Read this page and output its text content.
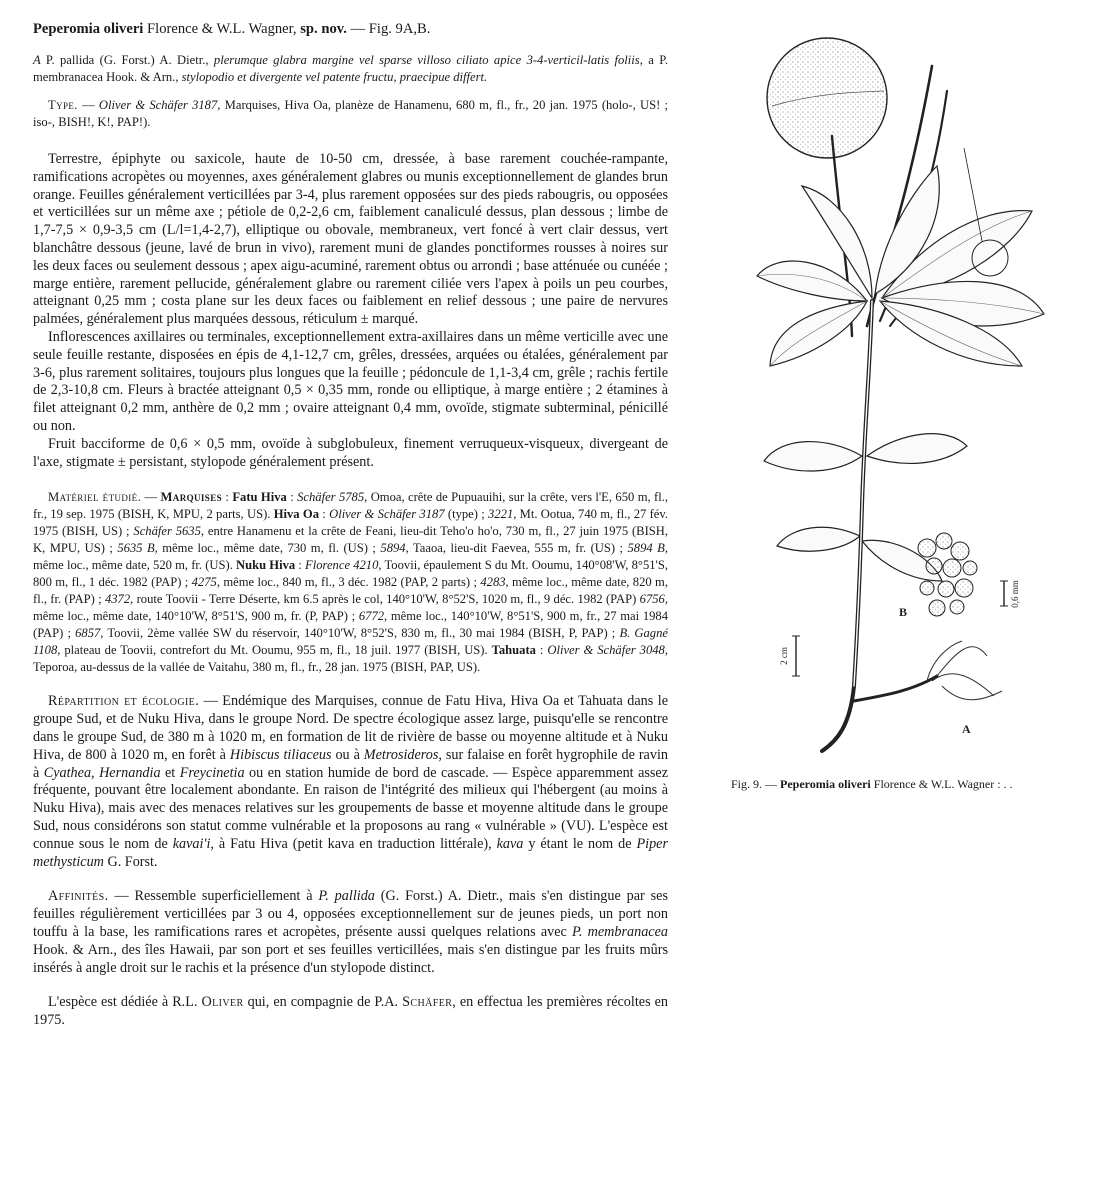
Peperomia oliveri Florence & W.L. Wagner, sp. nov. — Fig. 9A,B.

A P. pallida (G. Forst.) A. Dietr., plerumque glabra margine vel sparse villoso ciliato apice 3-4-verticil-latis foliis, a P. membranacea Hook. & Arn., stylopodio et divergente vel patente fructu, praecipue differt.

Type. — Oliver & Schäfer 3187, Marquises, Hiva Oa, planèze de Hanamenu, 680 m, fl., fr., 20 jan. 1975 (holo-, US! ; iso-, BISH!, K!, PAP!).

Terrestre, épiphyte ou saxicole, haute de 10-50 cm, dressée, à base rarement couchée-rampante, ramifications acropètes ou moyennes, axes généralement glabres ou munis exceptionnellement de glandes brun orange. Feuilles généralement verticillées par 3-4, plus rarement opposées sur des pieds rabougris, ou opposées et verticillées sur un même axe ; pétiole de 0,2-2,6 cm, faiblement canaliculé dessus, plan dessous ; limbe de 1,7-7,5 × 0,9-3,5 cm (L/l=1,4-2,7), elliptique ou obovale, membraneux, vert foncé à vert clair dessus, vert blanchâtre dessous (jeune, lavé de brun in vivo), rarement muni de glandes ponctiformes rousses à noires sur les deux faces ou seulement dessous ; apex aigu-acuminé, rarement obtus ou arrondi ; base atténuée ou cunéée ; marge entière, rarement pellucide, généralement glabre ou rarement ciliée vers l'apex à poils un peu courbes, atteignant 0,25 mm ; costa plane sur les deux faces ou faiblement en relief dessous ; une paire de nervures palmées, généralement plus marquées dessous, réticulum ± marqué.

Inflorescences axillaires ou terminales, exceptionnellement extra-axillaires dans un même verticille avec une seule feuille restante, disposées en épis de 4,1-12,7 cm, grêles, dressées, arquées ou étalées, généralement par 3-6, plus rarement solitaires, toujours plus longues que la feuille ; pédoncule de 1,1-3,4 cm, grêle ; rachis fertile de 2,3-10,8 cm. Fleurs à bractée atteignant 0,5 × 0,35 mm, ronde ou elliptique, à marge entière ; 2 étamines à filet atteignant 0,2 mm, anthère de 0,2 mm ; ovaire atteignant 0,4 mm, ovoïde, stigmate subterminal, pénicillé ou non.

Fruit bacciforme de 0,6 × 0,5 mm, ovoïde à subglobuleux, finement verruqueux-visqueux, divergeant de l'axe, stigmate ± persistant, stylopode généralement présent.

Matériel étudié. — Marquises : Fatu Hiva : Schäfer 5785, Omoa, crête de Pupuauihi, sur la crête, vers l'E, 650 m, fl., fr., 19 sep. 1975 (BISH, K, MPU, 2 parts, US). Hiva Oa : Oliver & Schäfer 3187 (type) ; 3221, Mt. Ootua, 740 m, fl., 27 fév. 1975 (BISH, US) ; Schäfer 5635, entre Hanamenu et la crête de Feani, lieu-dit Teho'o ho'o, 730 m, fl., 27 juin 1975 (BISH, K, MPU, US) ; 5635 B, même loc., même date, 730 m, fl. (US) ; 5894, Taaoa, lieu-dit Faevea, 555 m, fr. (US) ; 5894 B, même loc., même date, 520 m, fr. (US). Nuku Hiva : Florence 4210, Toovii, épaulement S du Mt. Ooumu, 140°08'W, 8°51'S, 800 m, fl., 1 déc. 1982 (PAP) ; 4275, même loc., 840 m, fl., 3 déc. 1982 (PAP, 2 parts) ; 4283, même loc., même date, 820 m, fl., fr. (PAP) ; 4372, route Toovii - Terre Déserte, km 6.5 après le col, 140°10'W, 8°52'S, 1020 m, fl., 9 déc. 1982 (PAP) 6756, même loc., même date, 140°10'W, 8°51'S, 900 m, fr. (P, PAP) ; 6772, même loc., 140°10'W, 8°51'S, 900 m, fr., 27 mai 1984 (PAP) ; 6857, Toovii, 2ème vallée SW du réservoir, 140°10'W, 8°52'S, 830 m, fl., 30 mai 1984 (BISH, P, PAP) ; B. Gagné 1108, plateau de Toovii, contrefort du Mt. Ooumu, 955 m, fl., 18 juil. 1977 (BISH, US). Tahuata : Oliver & Schäfer 3048, Teporoa, au-dessus de la vallée de Vaitahu, 380 m, fl., fr., 28 jan. 1975 (BISH, PAP, US).

Répartition et écologie. — Endémique des Marquises, connue de Fatu Hiva, Hiva Oa et Tahuata dans le groupe Sud, et de Nuku Hiva, dans le groupe Nord. De spectre écologique assez large, puisqu'elle se rencontre dans le groupe Sud, de 380 m à 1020 m, en formation de lit de rivière de basse ou moyenne altitude et à Nuku Hiva, de 800 à 1020 m, en forêt à Hibiscus tiliaceus ou à Metrosideros, sur falaise en forêt hygrophile de ravin à Cyathea, Hernandia et Freycinetia ou en station humide de bord de cascade. — Espèce apparemment assez fréquente, pouvant être localement abondante. En raison de l'intégrité des milieux qui l'hébergent (au moins à Nuku Hiva), mais avec des menaces relatives sur les groupements de basse et moyenne altitude dans le groupe Sud, nous considérons son statut comme vulnérable et la proposons au rang « vulnérable » (VU). L'espèce est connue sous le nom de kavai'i, à Fatu Hiva (petit kava en traduction littérale), kava y étant le nom de Piper methysticum G. Forst.

Affinités. — Ressemble superficiellement à P. pallida (G. Forst.) A. Dietr., mais s'en distingue par ses feuilles régulièrement verticillées par 3 ou 4, opposées exceptionnellement sur de jeunes pieds, un port non touffu à la base, les ramifications rares et acropètes, présente aussi quelques relations avec P. membranacea Hook. & Arn., des îles Hawaii, par son port et ses feuilles verticillées, mais s'en distingue par les fruits mûrs insérés à angle droit sur le rachis et la présence d'un stylopode distinct.

L'espèce est dédiée à R.L. Oliver qui, en compagnie de P.A. Schäfer, en effectua les premières récoltes en 1975.

0,6 mm
2 cm
A
B
Fig. 9. — Peperomia oliveri Florence & W.L. Wagner : . .
